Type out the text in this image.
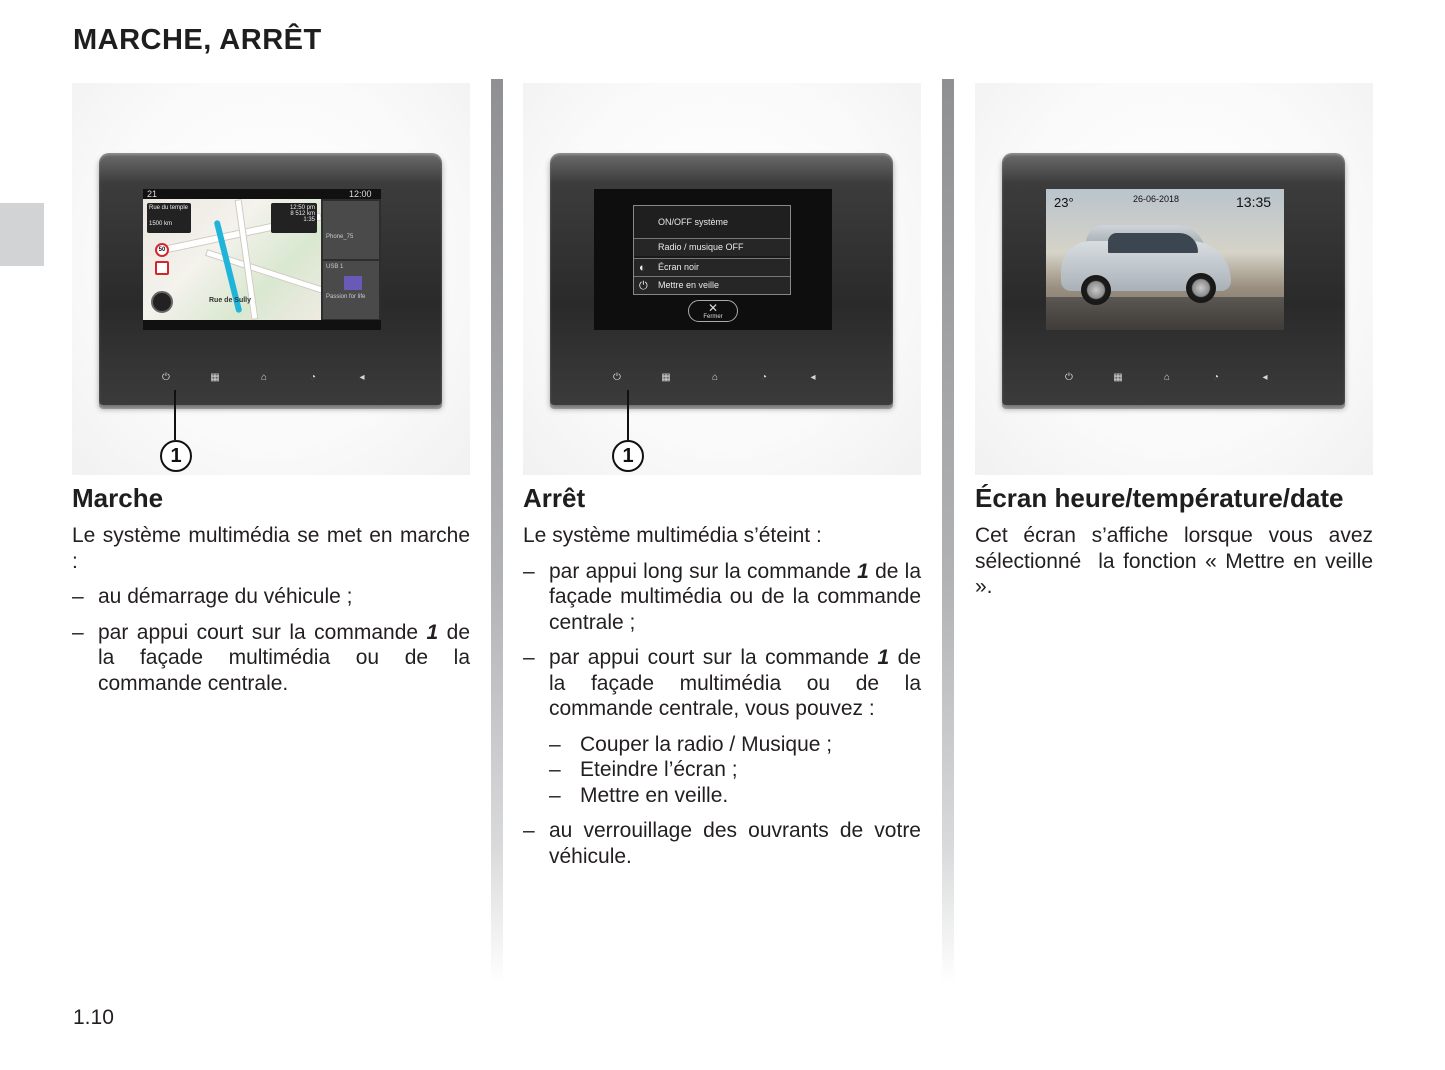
MARCHE, ARRÊT
21	12:00
Rue du temple
1500 km
12:50 pm
8 512 km
1:35
50
Rue de Sully
Phone_75
USB 1
Passion for life
⏻	▦	⌂	◔	◂
1
Marche
Le système multimédia se met en marche :
– au démarrage du véhicule ;
– par appui court sur la commande 1 de la façade multimédia ou de la commande centrale.
ON/OFF système
Radio / musique OFF
◐	Écran noir
⏻	Mettre en veille
✕
Fermer
⏻	▦	⌂	◔	◂
1
Arrêt
Le système multimédia s’éteint :
– par appui long sur la commande 1 de la façade multimédia ou de la commande centrale ;
– par appui court sur la commande 1 de la façade multimédia ou de la commande centrale, vous pouvez :
– Couper la radio / Musique ;
– Eteindre l’écran ;
– Mettre en veille.
– au verrouillage des ouvrants de votre véhicule.
23°	26-06-2018	13:35
⏻	▦	⌂	◔	◂
Écran heure/température/date
Cet écran s’affiche lorsque vous avez sélectionné  la fonction « Mettre en veille ».
1.10
